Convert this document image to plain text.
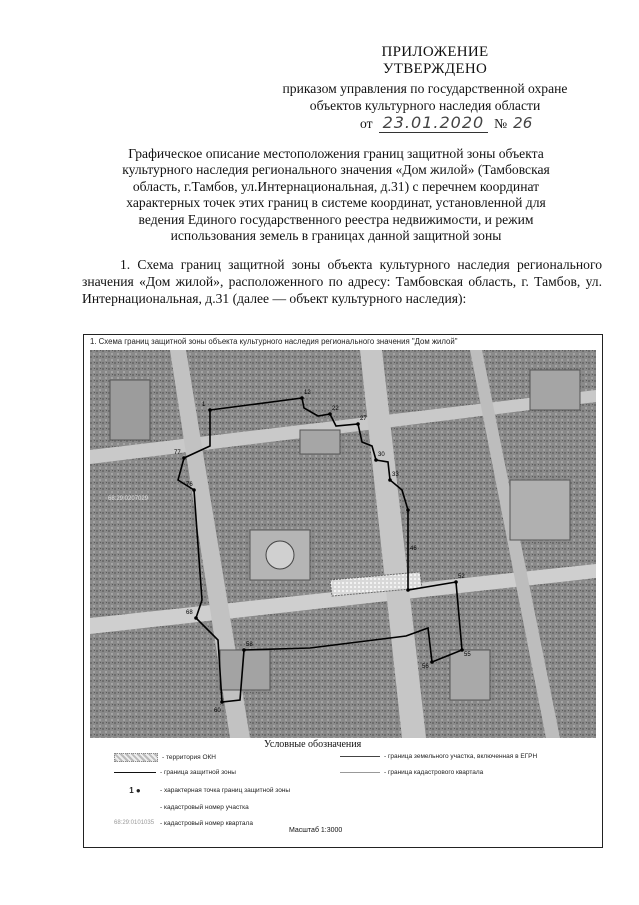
ПРИЛОЖЕНИЕ
УТВЕРЖДЕНО
приказом управления по государственной охране
объектов культурного наследия области
от 23.01.2020 № 26
Графическое описание местоположения границ защитной зоны объекта
культурного наследия регионального значения «Дом жилой» (Тамбовская
область, г.Тамбов, ул.Интернациональная, д.31) с перечнем координат
характерных точек этих границ в системе координат, установленной для
ведения Единого государственного реестра недвижимости, и режим
использования земель в границах данной защитной зоны
1. Схема границ защитной зоны объекта культурного наследия регионального значения «Дом жилой», расположенного по адресу: Тамбовская область, г. Тамбов, ул. Интернациональная, д.31 (далее — объект культурного наследия):
1. Схема границ защитной зоны объекта культурного наследия регионального значения "Дом жилой"
1
12
22
27
30
33
46
52
55
56
58
60
68
76
77
68:29:0207029
Условные обозначения
- территория ОКН
- граница защитной зоны
1 ●	- характерная точка границ защитной зоны
- кадастровый номер участка
68:29:0101035 - кадастровый номер квартала
- граница земельного участка, включенная в ЕГРН
- граница кадастрового квартала
Масштаб 1:3000
